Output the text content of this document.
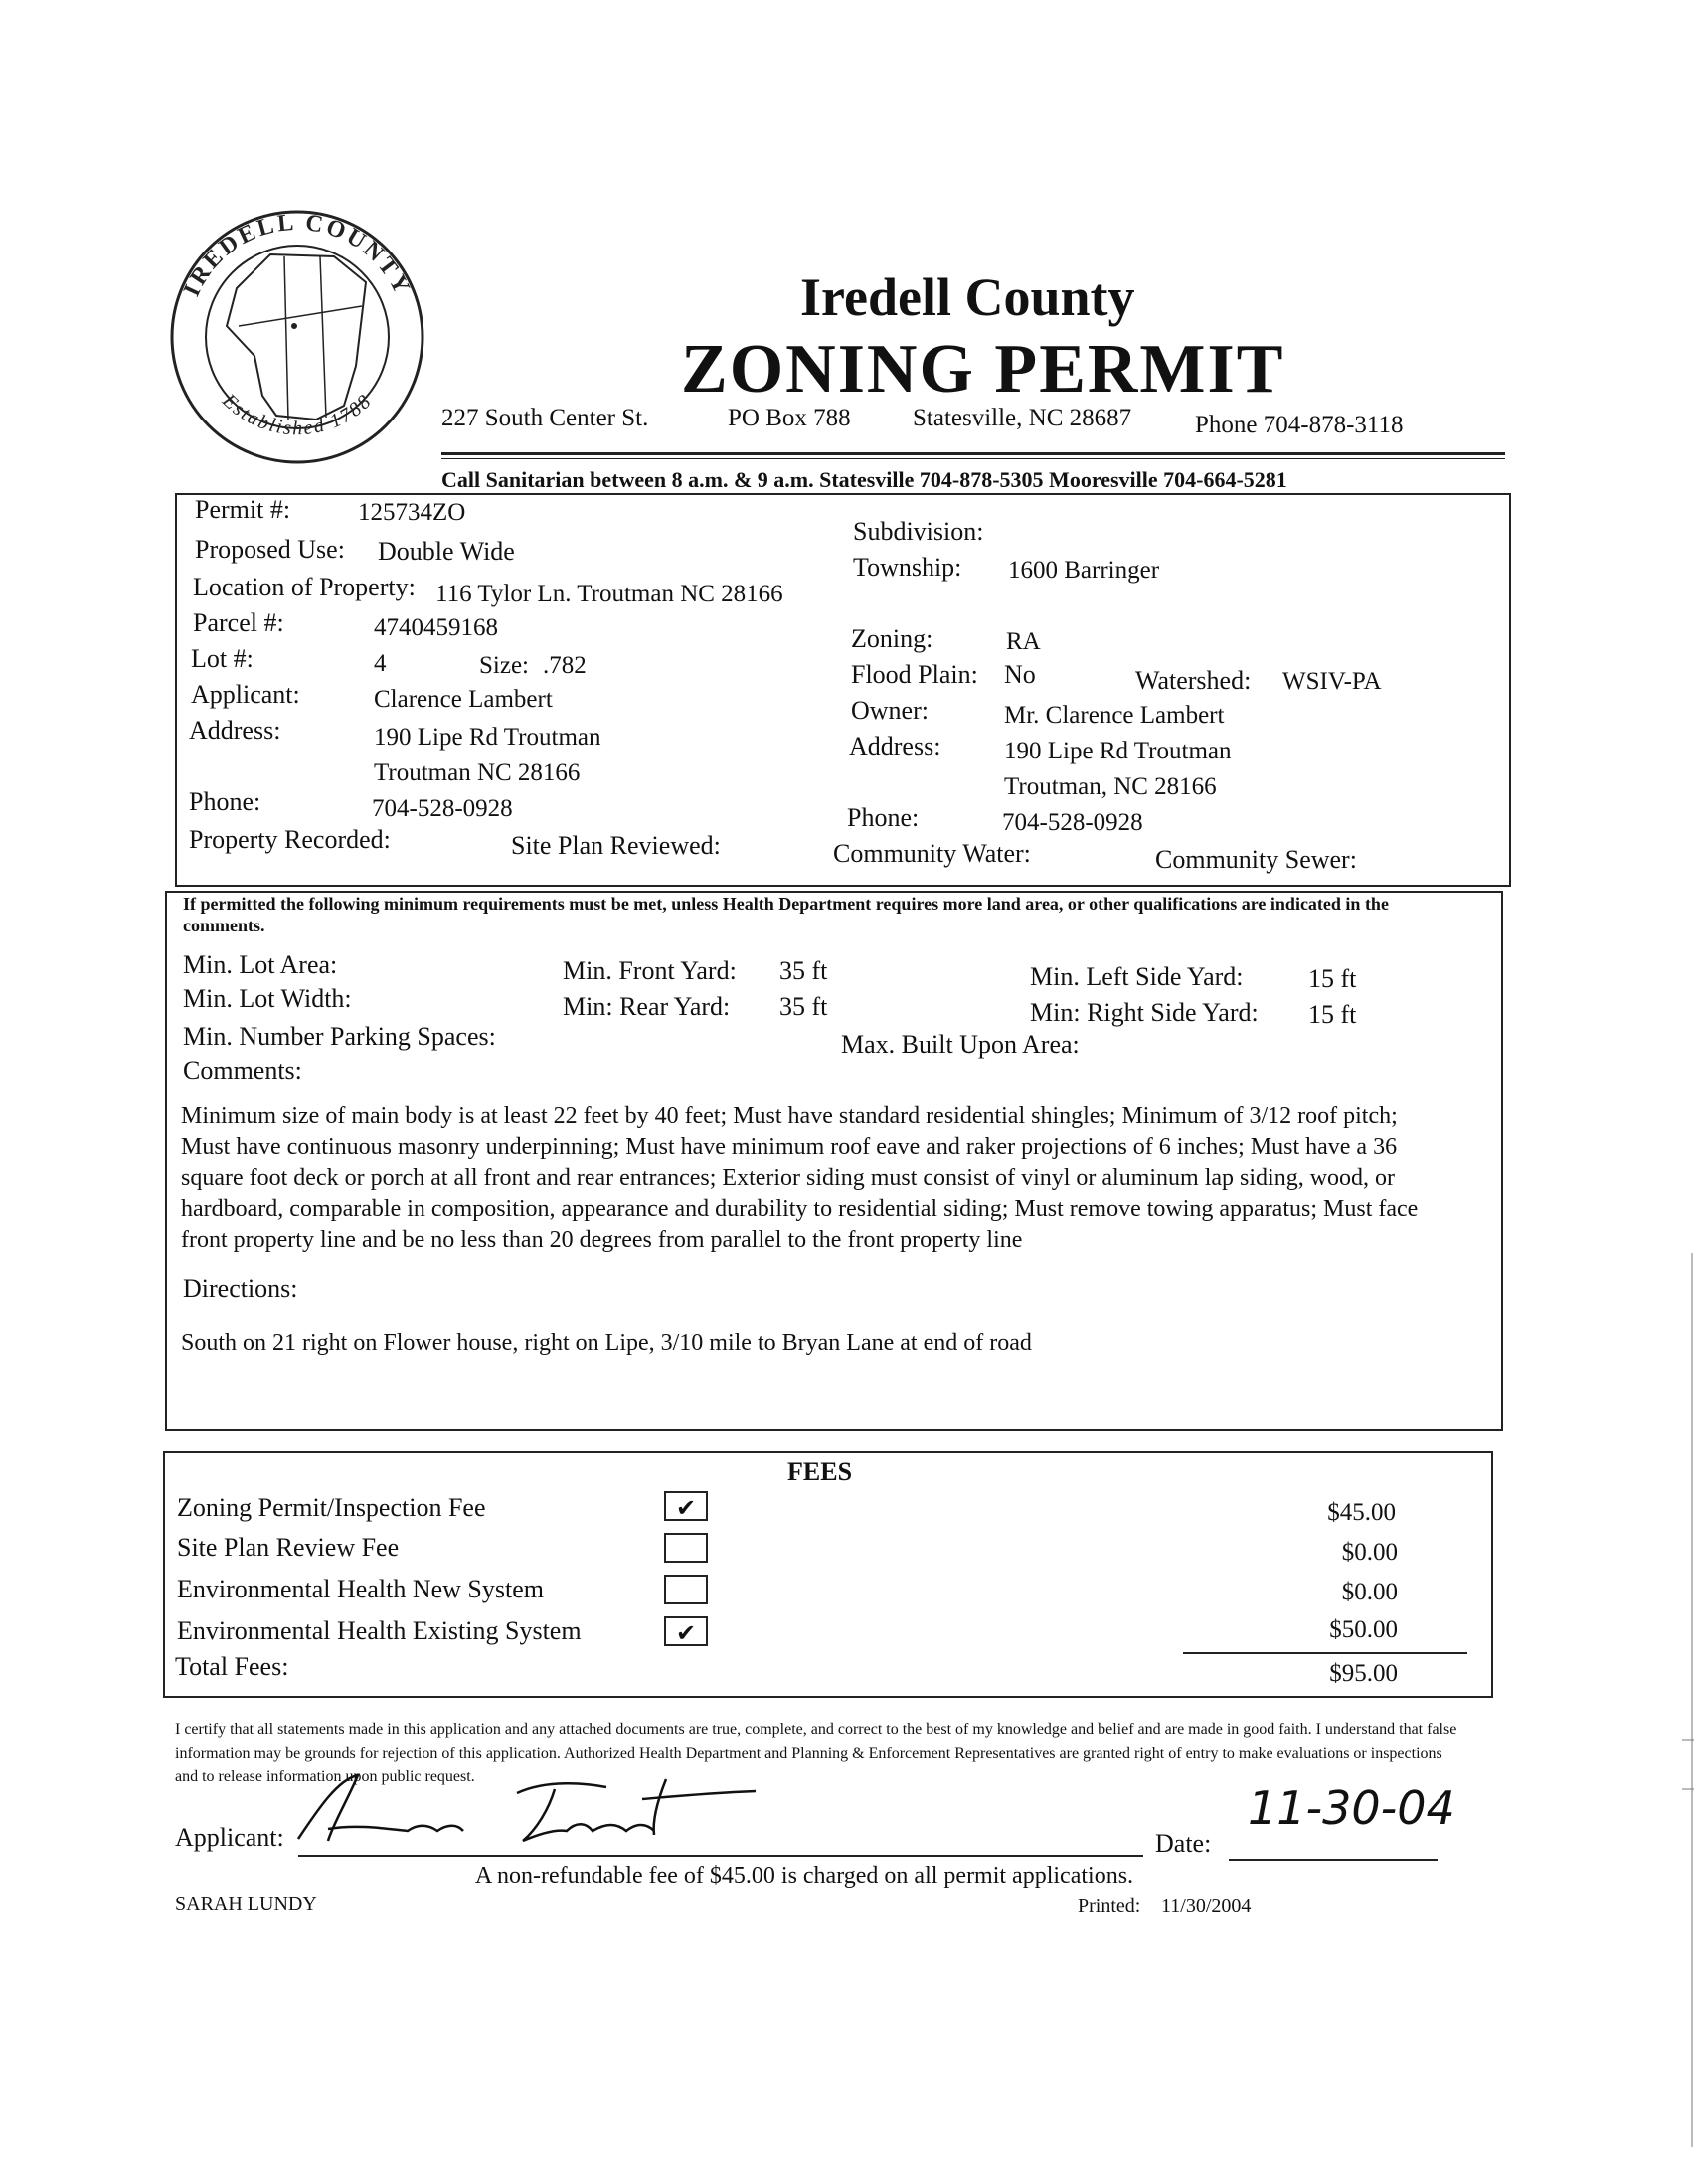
IREDELL COUNTY
Established 1788
Iredell County
ZONING PERMIT
227 South Center St.	PO Box 788 Statesville, NC 28687	Phone 704-878-3118
Call Sanitarian between 8 a.m. & 9 a.m. Statesville 704-878-5305 Mooresville 704-664-5281
Permit #:	125734ZO
Proposed Use: Double Wide
Location of Property: 116 Tylor Ln. Troutman NC 28166
Parcel #:	4740459168
Lot #:	4	Size: .782
Applicant:	Clarence Lambert
Address:	190 Lipe Rd Troutman
Troutman NC 28166
Phone:	704-528-0928
Property Recorded:	Site Plan Reviewed:
Subdivision:
Township: 1600 Barringer
Zoning:	RA
Flood Plain: No	Watershed: WSIV-PA
Owner:	Mr. Clarence Lambert
Address:	190 Lipe Rd Troutman
Troutman, NC 28166
Phone:	704-528-0928
Community Water:	Community Sewer:
If permitted the following minimum requirements must be met, unless Health Department requires more land area, or other qualifications are indicated in the comments.
Min. Lot Area:
Min. Lot Width:
Min. Number Parking Spaces:
Min. Front Yard: 35 ft
Min: Rear Yard: 35 ft
Max. Built Upon Area:
Min. Left Side Yard:	15 ft
Min: Right Side Yard: 15 ft
Comments:
Minimum size of main body is at least 22 feet by 40 feet; Must have standard residential shingles; Minimum of 3/12 roof pitch; Must have continuous masonry underpinning; Must have minimum roof eave and raker projections of 6 inches; Must have a 36 square foot deck or porch at all front and rear entrances; Exterior siding must consist of vinyl or aluminum lap siding, wood, or hardboard, comparable in composition, appearance and durability to residential siding; Must remove towing apparatus; Must face front property line and be no less than 20 degrees from parallel to the front property line
Directions:
South on 21 right on Flower house, right on Lipe, 3/10 mile to Bryan Lane at end of road
FEES
Zoning Permit/Inspection Fee	✔	$45.00
Site Plan Review Fee	$0.00
Environmental Health New System	$0.00
Environmental Health Existing System	✔	$50.00
Total Fees:	$95.00
I certify that all statements made in this application and any attached documents are true, complete, and correct to the best of my knowledge and belief and are made in good faith. I understand that false information may be grounds for rejection of this application. Authorized Health Department and Planning & Enforcement Representatives are granted right of entry to make evaluations or inspections and to release information upon public request.
Applicant:	Date:
11-30-04
A non-refundable fee of $45.00 is charged on all permit applications.
SARAH LUNDY	Printed: 11/30/2004
